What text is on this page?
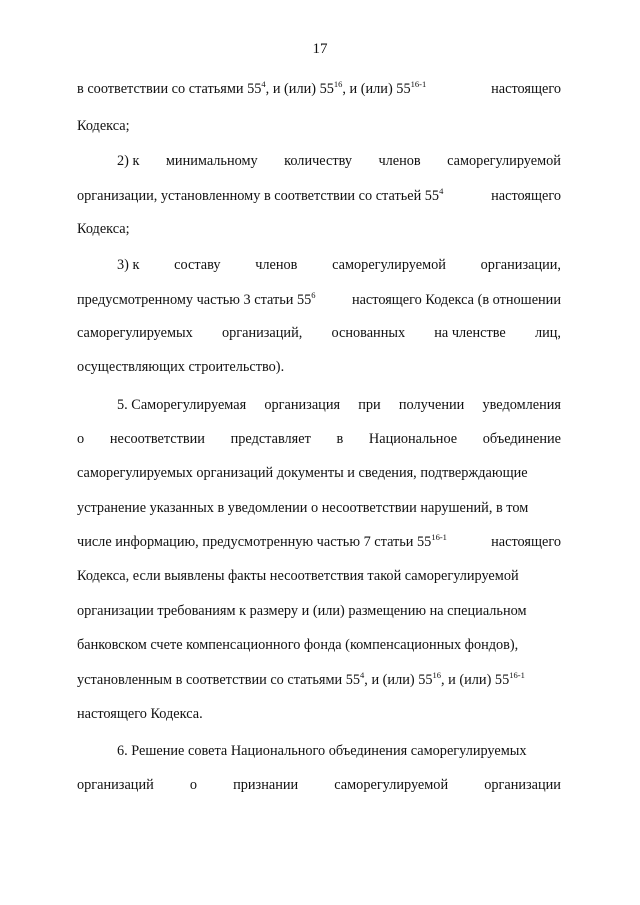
17
в соответствии со статьями $55^4$, и (или) $55^{16}$, и (или) 55$^{16-1}$	настоящего
Кодекса;
2) к минимальному количеству членов саморегулируемой
организации, установленному в соответствии со статьей $55^4$	настоящего
Кодекса;
3) к составу членов саморегулируемой организации,
предусмотренному частью 3 статьи $55^6$	настоящего Кодекса (в отношении
саморегулируемых организаций, основанных на членстве лиц,
осуществляющих строительство).
5. Саморегулируемая организация при получении уведомления
о несоответствии представляет в Национальное объединение
саморегулируемых организаций документы и сведения, подтверждающие
устранение указанных в уведомлении о несоответствии нарушений, в том
числе информацию, предусмотренную частью 7 статьи 55$^{16-1}$	настоящего
Кодекса, если выявлены факты несоответствия такой саморегулируемой
организации требованиям к размеру и (или) размещению на специальном
банковском счете компенсационного фонда (компенсационных фондов),
установленным в соответствии со статьями $55^4$, и (или) $55^{16}$, и (или) 55$^{16-1}$
настоящего Кодекса.
6. Решение совета Национального объединения саморегулируемых
организаций	о	признании	саморегулируемой	организации
